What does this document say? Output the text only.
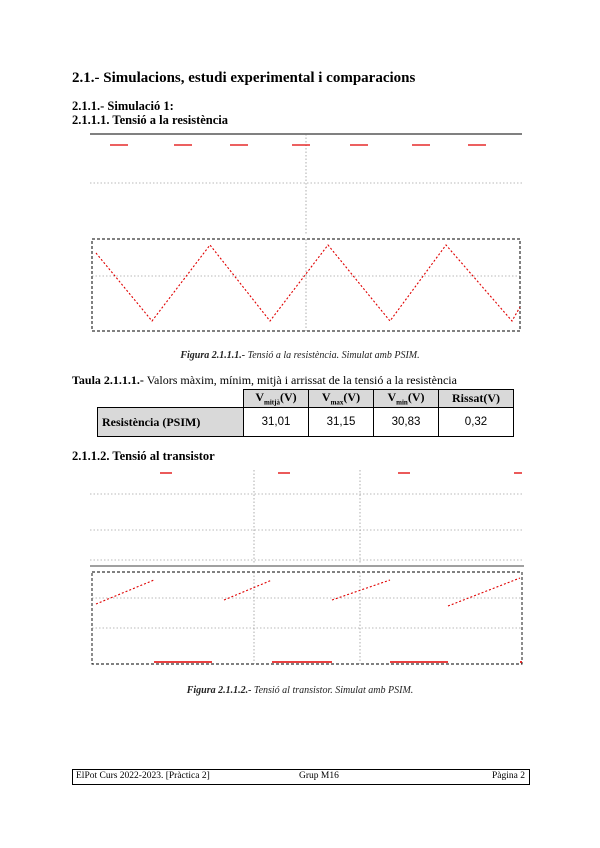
2.1.- Simulacions, estudi experimental i comparacions
2.1.1.- Simulació 1:
2.1.1.1. Tensió a la resistència
Figura 2.1.1.1.- Tensió a la resistència. Simulat amb PSIM.
Taula 2.1.1.1.- Valors màxim, mínim, mitjà i arrissat de la tensió a la resistència
	$V_{mitjà}(V)$	$V_{max}(V)$	$V_{min}(V)$	Rissat(V)
Resistència (PSIM)	31,01	31,15	30,83	0,32
2.1.1.2. Tensió al transistor
Figura 2.1.1.2.- Tensió al transistor. Simulat amb PSIM.
ElPot Curs 2022-2023. [Pràctica 2]	Grup M16	Pàgina 2
